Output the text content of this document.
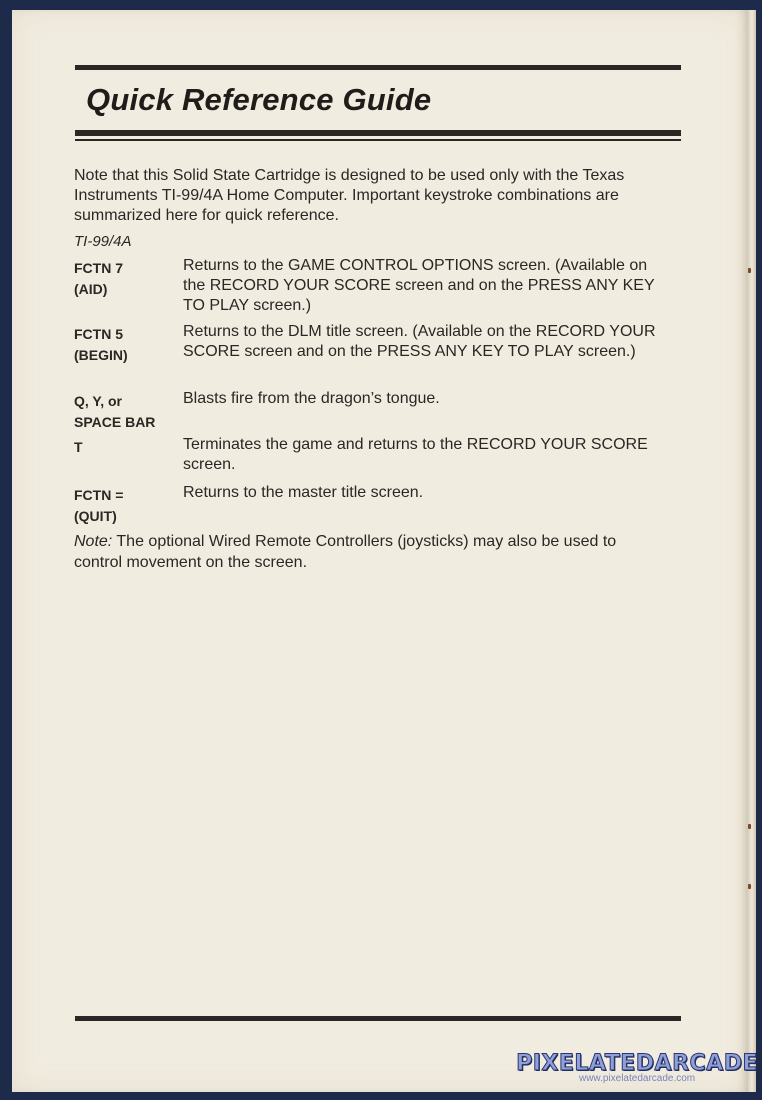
Quick Reference Guide
Note that this Solid State Cartridge is designed to be used only with the Texas Instruments TI-99/4A Home Computer. Important keystroke combinations are summarized here for quick reference.
TI-99/4A
FCTN 7
(AID)
Returns to the GAME CONTROL OPTIONS screen. (Available on the RECORD YOUR SCORE screen and on the PRESS ANY KEY TO PLAY screen.)
FCTN 5
(BEGIN)
Returns to the DLM title screen. (Available on the RECORD YOUR SCORE screen and on the PRESS ANY KEY TO PLAY screen.)
Q, Y, or
SPACE BAR
Blasts fire from the dragon’s tongue.
T	Terminates the game and returns to the RECORD YOUR SCORE screen.
FCTN =
(QUIT)
Returns to the master title screen.
Note: The optional Wired Remote Controllers (joysticks) may also be used to control movement on the screen.
PIXELATEDARCADE
www.pixelatedarcade.com
